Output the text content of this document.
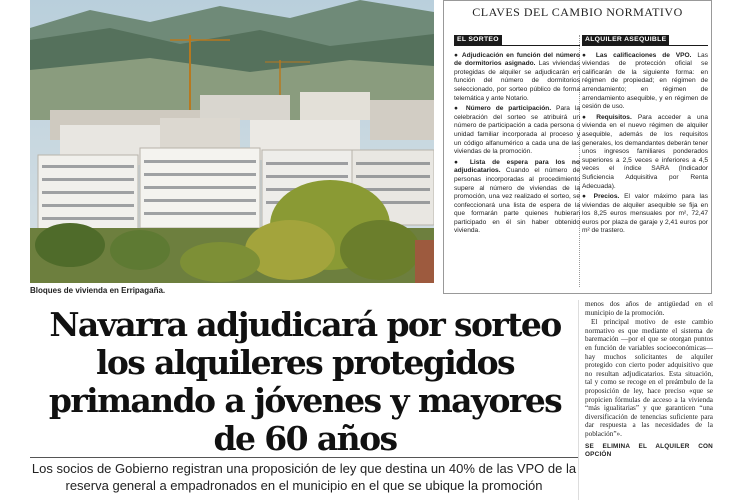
Bloques de vivienda en Erripagaña.
CLAVES DEL CAMBIO NORMATIVO
EL SORTEO
● Adjudicación en función del número de dormitorios asignado. Las viviendas protegidas de alquiler se adjudicarán en función del número de dormitorios seleccionado, por sorteo público de forma telemática y ante Notario.
● Número de participación. Para la celebración del sorteo se atribuirá un número de participación a cada persona o unidad familiar incorporada al proceso y un código alfanumérico a cada una de las viviendas de la promoción.
● Lista de espera para los no adjudicatarios. Cuando el número de personas incorporadas al procedimiento supere al número de viviendas de la promoción, una vez realizado el sorteo, se confeccionará una lista de espera de la que formarán parte quienes hubieran participado en él sin haber obtenido vivienda.
ALQUILER ASEQUIBLE
● Las calificaciones de VPO. Las viviendas de protección oficial se calificarán de la siguiente forma: en régimen de propiedad; en régimen de arrendamiento; en régimen de arrendamiento asequible, y en régimen de cesión de uso.
● Requisitos. Para acceder a una vivienda en el nuevo régimen de alquiler asequible, además de los requisitos generales, los demandantes deberán tener unos ingresos familiares ponderados superiores a 2,5 veces e inferiores a 4,5 veces el índice SARA (Indicador Suficiencia Adquisitiva por Renta Adecuada).
● Precios. El valor máximo para las viviendas de alquiler asequible se fija en los 8,25 euros mensuales por m², 72,47 euros por plaza de garaje y 2,41 euros por m² de trastero.
Navarra adjudicará por sorteo los alquileres protegidos primando a jóvenes y mayores de 60 años
Los socios de Gobierno registran una proposición de ley que destina un 40% de las VPO de la reserva general a empadronados en el municipio en el que se ubique la promoción

menos dos años de antigüedad en el municipio de la promoción.

El principal motivo de este cambio normativo es que mediante el sistema de baremación —por el que se otorgan puntos en función de variables socioeconómicas— hay muchos solicitantes de alquiler protegido con cierto poder adquisitivo que no resultan adjudicatarios. Esta situación, tal y como se recoge en el preámbulo de la proposición de ley, hace preciso «que se propicien fórmulas de acceso a la vivienda “más igualitarias” y que garanticen “una diversificación de tenencias suficiente para dar respuesta a las necesidades de la población”».

SE ELIMINA EL ALQUILER CON OPCIÓN
